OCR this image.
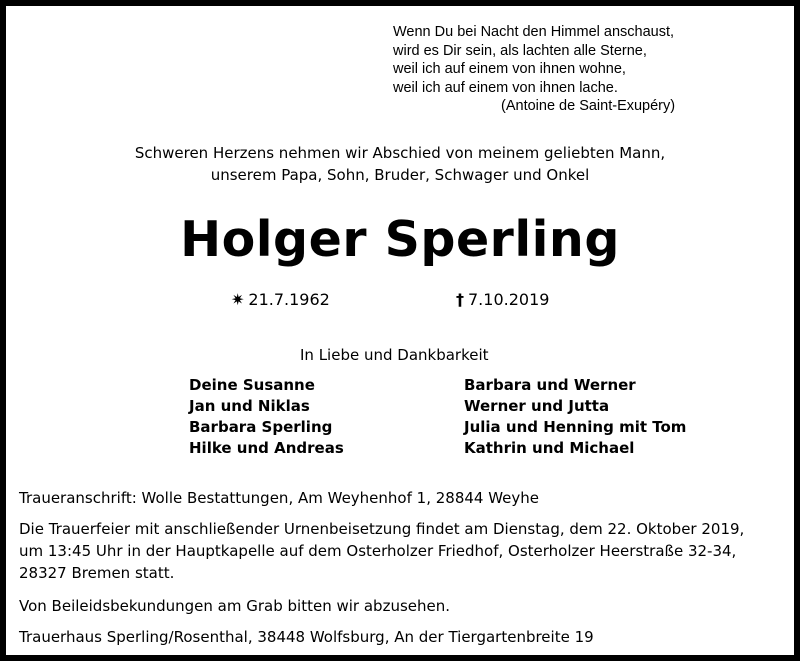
Wenn Du bei Nacht den Himmel anschaust,
wird es Dir sein, als lachten alle Sterne,
weil ich auf einem von ihnen wohne,
weil ich auf einem von ihnen lache.
(Antoine de Saint-Exupéry)
Schweren Herzens nehmen wir Abschied von meinem geliebten Mann,
unserem Papa, Sohn, Bruder, Schwager und Onkel
Holger Sperling
✷ 21.7.1962	† 7.10.2019
In Liebe und Dankbarkeit
Deine Susanne
Jan und Niklas
Barbara Sperling
Hilke und Andreas
Barbara und Werner
Werner und Jutta
Julia und Henning mit Tom
Kathrin und Michael
Traueranschrift: Wolle Bestattungen, Am Weyhenhof 1, 28844 Weyhe
Die Trauerfeier mit anschließender Urnenbeisetzung findet am Dienstag, dem 22. Oktober 2019,
um 13:45 Uhr in der Hauptkapelle auf dem Osterholzer Friedhof, Osterholzer Heerstraße 32-34,
28327 Bremen statt.
Von Beileidsbekundungen am Grab bitten wir abzusehen.
Trauerhaus Sperling/Rosenthal, 38448 Wolfsburg, An der Tiergartenbreite 19
